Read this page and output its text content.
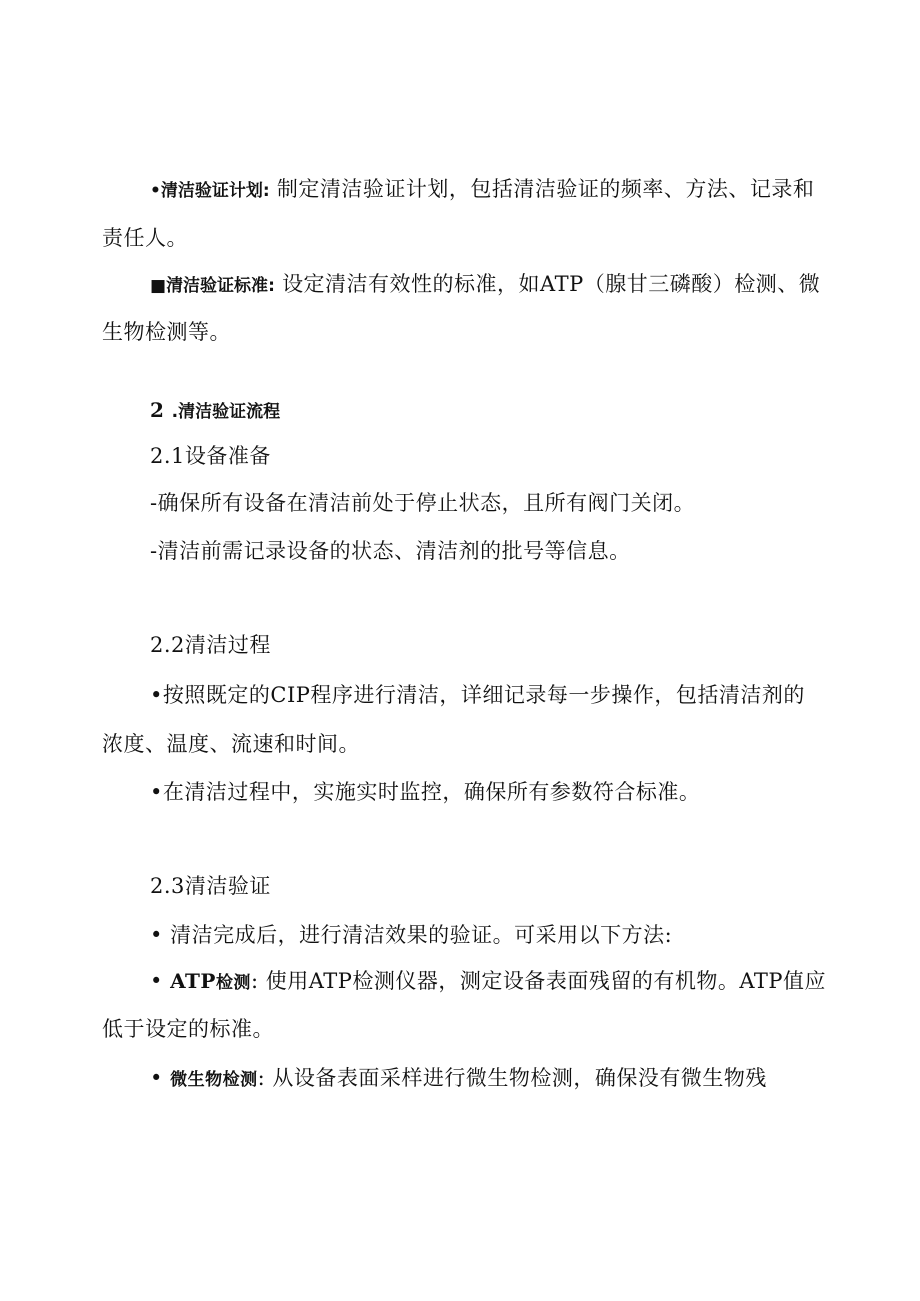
•清洁验证计划: 制定清洁验证计划，包括清洁验证的频率、方法、记录和
责任人。
■清洁验证标准: 设定清洁有效性的标准，如ATP（腺甘三磷酸）检测、微
生物检测等。
2 .清洁验证流程
2.1设备准备
-确保所有设备在清洁前处于停止状态，且所有阀门关闭。
-清洁前需记录设备的状态、清洁剂的批号等信息。
2.2清洁过程
•按照既定的CIP程序进行清洁，详细记录每一步操作，包括清洁剂的
浓度、温度、流速和时间。
•在清洁过程中，实施实时监控，确保所有参数符合标准。
2.3清洁验证
• 清洁完成后，进行清洁效果的验证。可采用以下方法:
• ATP检测: 使用ATP检测仪器，测定设备表面残留的有机物。ATP值应
低于设定的标准。
• 微生物检测: 从设备表面采样进行微生物检测，确保没有微生物残
